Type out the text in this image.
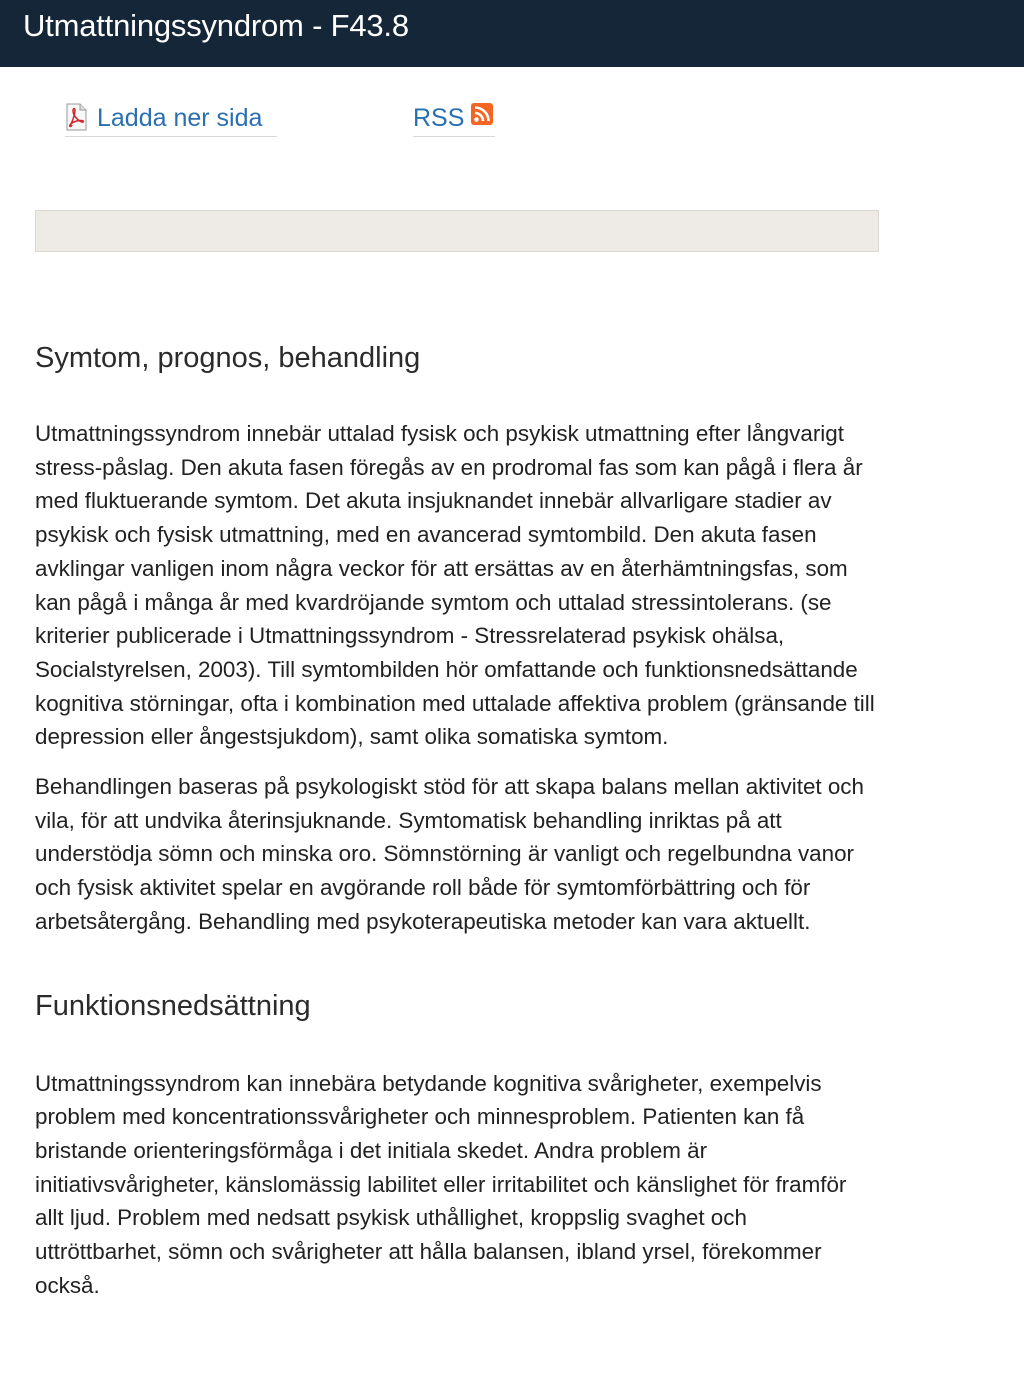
Utmattningssyndrom - F43.8
Ladda ner sida	RSS
Symtom, prognos, behandling

Utmattningssyndrom innebär uttalad fysisk och psykisk utmattning efter långvarigt stress-påslag. Den akuta fasen föregås av en prodromal fas som kan pågå i flera år med fluktuerande symtom. Det akuta insjuknandet innebär allvarligare stadier av psykisk och fysisk utmattning, med en avancerad symtombild. Den akuta fasen avklingar vanligen inom några veckor för att ersättas av en återhämtningsfas, som kan pågå i många år med kvardröjande symtom och uttalad stressintolerans. (se kriterier publicerade i Utmattningssyndrom - Stressrelaterad psykisk ohälsa, Socialstyrelsen, 2003). Till symtombilden hör omfattande och funktionsnedsättande kognitiva störningar, ofta i kombination med uttalade affektiva problem (gränsande till depression eller ångestsjukdom), samt olika somatiska symtom.

Behandlingen baseras på psykologiskt stöd för att skapa balans mellan aktivitet och vila, för att undvika återinsjuknande. Symtomatisk behandling inriktas på att understödja sömn och minska oro. Sömnstörning är vanligt och regelbundna vanor och fysisk aktivitet spelar en avgörande roll både för symtomförbättring och för arbetsåtergång. Behandling med psykoterapeutiska metoder kan vara aktuellt.

Funktionsnedsättning

Utmattningssyndrom kan innebära betydande kognitiva svårigheter, exempelvis problem med koncentrationssvårigheter och minnesproblem. Patienten kan få bristande orienteringsförmåga i det initiala skedet. Andra problem är initiativsvårigheter, känslomässig labilitet eller irritabilitet och känslighet för framför allt ljud. Problem med nedsatt psykisk uthållighet, kroppslig svaghet och uttröttbarhet, sömn och svårigheter att hålla balansen, ibland yrsel, förekommer också.
